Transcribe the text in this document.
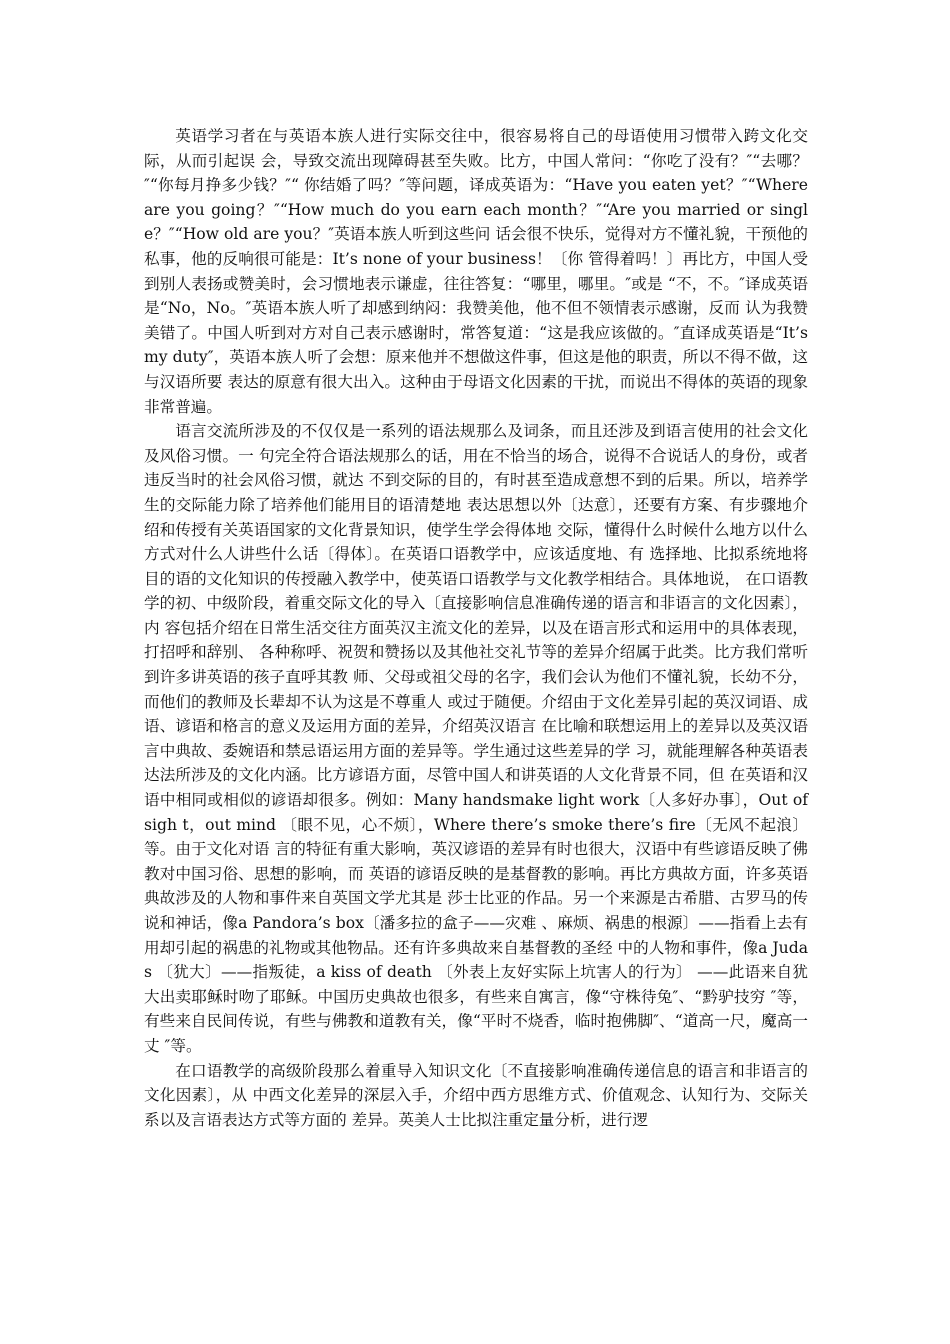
英语学习者在与英语本族人进行实际交往中，很容易将自己的母语使用习惯带入跨文化交际，从而引起误 会，导致交流出现障碍甚至失败。比方，中国人常问：“你吃了没有？″“去哪？″“你每月挣多少钱？″“ 你结婚了吗？″等问题，译成英语为：“Have you eaten yet？″“Where are you going？″“How much do you earn each month？″“Are you married or single？″“How old are you？″英语本族人听到这些问 话会很不快乐，觉得对方不懂礼貌，干预他的私事，他的反响很可能是：It’s none of your business！〔你 管得着吗！〕再比方，中国人受到别人表扬或赞美时，会习惯地表示谦虚，往往答复：“哪里，哪里。″或是 “不，不。″译成英语是“No，No。″英语本族人听了却感到纳闷：我赞美他，他不但不领情表示感谢，反而 认为我赞美错了。中国人听到对方对自己表示感谢时，常答复道：“这是我应该做的。″直译成英语是“It’s my duty″，英语本族人听了会想：原来他并不想做这件事，但这是他的职责，所以不得不做，这与汉语所要 表达的原意有很大出入。这种由于母语文化因素的干扰，而说出不得体的英语的现象非常普遍。

语言交流所涉及的不仅仅是一系列的语法规那么及词条，而且还涉及到语言使用的社会文化及风俗习惯。一 句完全符合语法规那么的话，用在不恰当的场合，说得不合说话人的身份，或者违反当时的社会风俗习惯，就达 不到交际的目的，有时甚至造成意想不到的后果。所以，培养学生的交际能力除了培养他们能用目的语清楚地 表达思想以外〔达意〕，还要有方案、有步骤地介绍和传授有关英语国家的文化背景知识，使学生学会得体地 交际，懂得什么时候什么地方以什么方式对什么人讲些什么话〔得体〕。在英语口语教学中，应该适度地、有 选择地、比拟系统地将目的语的文化知识的传授融入教学中，使英语口语教学与文化教学相结合。具体地说， 在口语教学的初、中级阶段，着重交际文化的导入〔直接影响信息准确传递的语言和非语言的文化因素〕，内 容包括介绍在日常生活交往方面英汉主流文化的差异，以及在语言形式和运用中的具体表现，打招呼和辞别、 各种称呼、祝贺和赞扬以及其他社交礼节等的差异介绍属于此类。比方我们常听到许多讲英语的孩子直呼其教 师、父母或祖父母的名字，我们会认为他们不懂礼貌，长幼不分，而他们的教师及长辈却不认为这是不尊重人 或过于随便。介绍由于文化差异引起的英汉词语、成语、谚语和格言的意义及运用方面的差异，介绍英汉语言 在比喻和联想运用上的差异以及英汉语言中典故、委婉语和禁忌语运用方面的差异等。学生通过这些差异的学 习，就能理解各种英语表达法所涉及的文化内涵。比方谚语方面，尽管中国人和讲英语的人文化背景不同，但 在英语和汉语中相同或相似的谚语却很多。例如：Many handsmake light work〔人多好办事〕，Out of sigh t，out mind 〔眼不见，心不烦〕，Where there’s smoke there’s fire〔无风不起浪〕等。由于文化对语 言的特征有重大影响，英汉谚语的差异有时也很大，汉语中有些谚语反映了佛教对中国习俗、思想的影响，而 英语的谚语反映的是基督教的影响。再比方典故方面，许多英语典故涉及的人物和事件来自英国文学尤其是 莎士比亚的作品。另一个来源是古希腊、古罗马的传说和神话，像a Pandora’s box〔潘多拉的盒子——灾难 、麻烦、祸患的根源〕——指看上去有用却引起的祸患的礼物或其他物品。还有许多典故来自基督教的圣经 中的人物和事件，像a Judas 〔犹大〕——指叛徒，a kiss of death 〔外表上友好实际上坑害人的行为〕 ——此语来自犹大出卖耶稣时吻了耶稣。中国历史典故也很多，有些来自寓言，像“守株待兔″、“黔驴技穷 ″等，有些来自民间传说，有些与佛教和道教有关，像“平时不烧香，临时抱佛脚″、“道高一尺，魔高一丈 ″等。

在口语教学的高级阶段那么着重导入知识文化〔不直接影响准确传递信息的语言和非语言的文化因素〕，从 中西文化差异的深层入手，介绍中西方思维方式、价值观念、认知行为、交际关系以及言语表达方式等方面的 差异。英美人士比拟注重定量分析，进行逻
